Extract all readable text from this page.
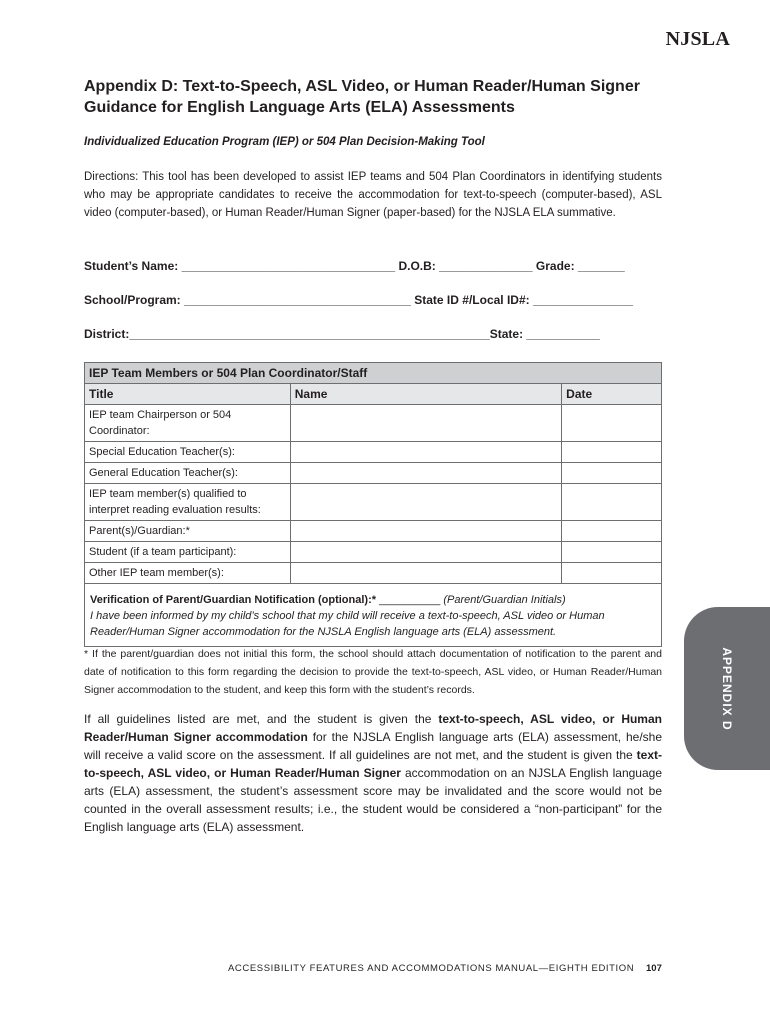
NJSLA
Appendix D: Text-to-Speech, ASL Video, or Human Reader/Human Signer
Guidance for English Language Arts (ELA) Assessments
Individualized Education Program (IEP) or 504 Plan Decision-Making Tool

Directions: This tool has been developed to assist IEP teams and 504 Plan Coordinators in identifying students who may be appropriate candidates to receive the accommodation for text-to-speech (computer-based), ASL video (computer-based), or Human Reader/Human Signer (paper-based) for the NJSLA ELA summative.

Student’s Name: ________________________________ D.O.B: ______________ Grade: _______
School/Program: __________________________________ State ID #/Local ID#: _______________
District:______________________________________________________State: ___________
IEP Team Members or 504 Plan Coordinator/Staff		
Title	Name	Date
IEP team Chairperson or 504 Coordinator:		
Special Education Teacher(s):		
General Education Teacher(s):		
IEP team member(s) qualified to interpret reading evaluation results:		
Parent(s)/Guardian:*		
Student (if a team participant):		
Other IEP team member(s):		
Verification of Parent/Guardian Notification (optional):* __________ (Parent/Guardian Initials)
I have been informed by my child’s school that my child will receive a text-to-speech, ASL video or Human Reader/Human Signer accommodation for the NJSLA English language arts (ELA) assessment.		

* If the parent/guardian does not initial this form, the school should attach documentation of notification to the parent and date of notification to this form regarding the decision to provide the text-to-speech, ASL video, or Human Reader/Human Signer accommodation to the student, and keep this form with the student’s records.

If all guidelines listed are met, and the student is given the text-to-speech, ASL video, or Human Reader/Human Signer accommodation for the NJSLA English language arts (ELA) assessment, he/she will receive a valid score on the assessment. If all guidelines are not met, and the student is given the text-to-speech, ASL video, or Human Reader/Human Signer accommodation on an NJSLA English language arts (ELA) assessment, the student’s assessment score may be invalidated and the score would not be counted in the overall assessment results; i.e., the student would be considered a “non-participant” for the English language arts (ELA) assessment.

APPENDIX D
ACCESSIBILITY FEATURES AND ACCOMMODATIONS MANUAL—EIGHTH EDITION 107
